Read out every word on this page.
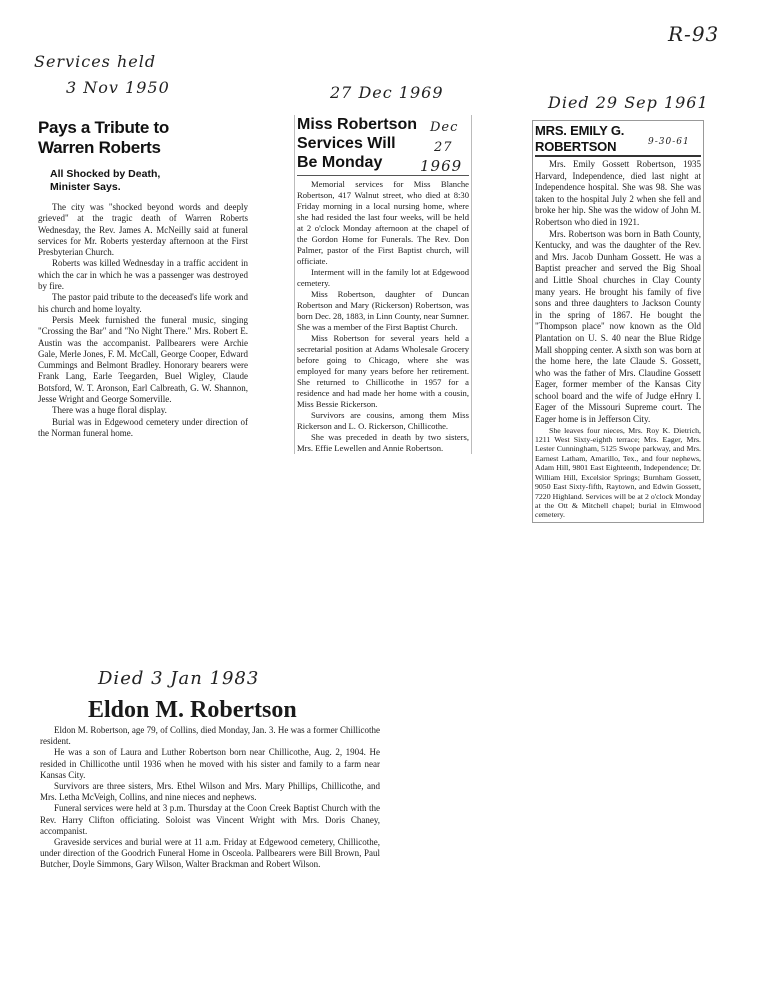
R-93
Services held
3 Nov 1950	27 Dec 1969
Dec
27
1969
Died 29 Sep 1961
9-30-61
Died 3 Jan 1983
Pays a Tribute to
Warren Roberts
All Shocked by Death,
Minister Says.

The city was "shocked beyond words and deeply grieved" at the tragic death of Warren Roberts Wednesday, the Rev. James A. McNeilly said at funeral services for Mr. Roberts yesterday afternoon at the First Presbyterian Church.

Roberts was killed Wednesday in a traffic accident in which the car in which he was a passenger was destroyed by fire.

The pastor paid tribute to the deceased's life work and his church and home loyalty.

Persis Meek furnished the funeral music, singing "Crossing the Bar" and "No Night There." Mrs. Robert E. Austin was the accompanist. Pallbearers were Archie Gale, Merle Jones, F. M. McCall, George Cooper, Edward Cummings and Belmont Bradley. Honorary bearers were Frank Lang, Earle Teegarden, Buel Wigley, Claude Botsford, W. T. Aronson, Earl Calbreath, G. W. Shannon, Jesse Wright and George Somerville.

There was a huge floral display.

Burial was in Edgewood cemetery under direction of the Norman funeral home.

Miss Robertson
Services Will
Be Monday

Memorial services for Miss Blanche Robertson, 417 Walnut street, who died at 8:30 Friday morning in a local nursing home, where she had resided the last four weeks, will be held at 2 o'clock Monday afternoon at the chapel of the Gordon Home for Funerals. The Rev. Don Palmer, pastor of the First Baptist church, will officiate.

Interment will in the family lot at Edgewood cemetery.

Miss Robertson, daughter of Duncan Robertson and Mary (Rickerson) Robertson, was born Dec. 28, 1883, in Linn County, near Sumner. She was a member of the First Baptist Church.

Miss Robertson for several years held a secretarial position at Adams Wholesale Grocery before going to Chicago, where she was employed for many years before her retirement. She returned to Chillicothe in 1957 for a residence and had made her home with a cousin, Miss Bessie Rickerson.

Survivors are cousins, among them Miss Rickerson and L. O. Rickerson, Chillicothe.

She was preceded in death by two sisters, Mrs. Effie Lewellen and Annie Robertson.

MRS. EMILY G. ROBERTSON

Mrs. Emily Gossett Robertson, 1935 Harvard, Independence, died last night at Independence hospital. She was 98. She was taken to the hospital July 2 when she fell and broke her hip. She was the widow of John M. Robertson who died in 1921.

Mrs. Robertson was born in Bath County, Kentucky, and was the daughter of the Rev. and Mrs. Jacob Dunham Gossett. He was a Baptist preacher and served the Big Shoal and Little Shoal churches in Clay County many years. He brought his family of five sons and three daughters to Jackson County in the spring of 1867. He bought the "Thompson place" now known as the Old Plantation on U. S. 40 near the Blue Ridge Mall shopping center. A sixth son was born at the home here, the late Claude S. Gossett, who was the father of Mrs. Claudine Gossett Eager, former member of the Kansas City school board and the wife of Judge eHnry I. Eager of the Missouri Supreme court. The Eager home is in Jefferson City.

She leaves four nieces, Mrs. Roy K. Dietrich, 1211 West Sixty-eighth terrace; Mrs. Eager, Mrs. Lester Cunningham, 5125 Swope parkway, and Mrs. Earnest Latham, Amarillo, Tex., and four nephews, Adam Hill, 9801 East Eighteenth, Independence; Dr. William Hill, Excelsior Springs; Burnham Gossett, 9050 East Sixty-fifth, Raytown, and Edwin Gossett, 7220 Highland. Services will be at 2 o'clock Monday at the Ott & Mitchell chapel; burial in Elmwood cemetery.

Eldon M. Robertson

Eldon M. Robertson, age 79, of Collins, died Monday, Jan. 3. He was a former Chillicothe resident.

He was a son of Laura and Luther Robertson born near Chillicothe, Aug. 2, 1904. He resided in Chillicothe until 1936 when he moved with his sister and family to a farm near Kansas City.

Survivors are three sisters, Mrs. Ethel Wilson and Mrs. Mary Phillips, Chillicothe, and Mrs. Letha McVeigh, Collins, and nine nieces and nephews.

Funeral services were held at 3 p.m. Thursday at the Coon Creek Baptist Church with the Rev. Harry Clifton officiating. Soloist was Vincent Wright with Mrs. Doris Chaney, accompanist.

Graveside services and burial were at 11 a.m. Friday at Edgewood cemetery, Chillicothe, under direction of the Goodrich Funeral Home in Osceola. Pallbearers were Bill Brown, Paul Butcher, Doyle Simmons, Gary Wilson, Walter Brackman and Robert Wilson.
